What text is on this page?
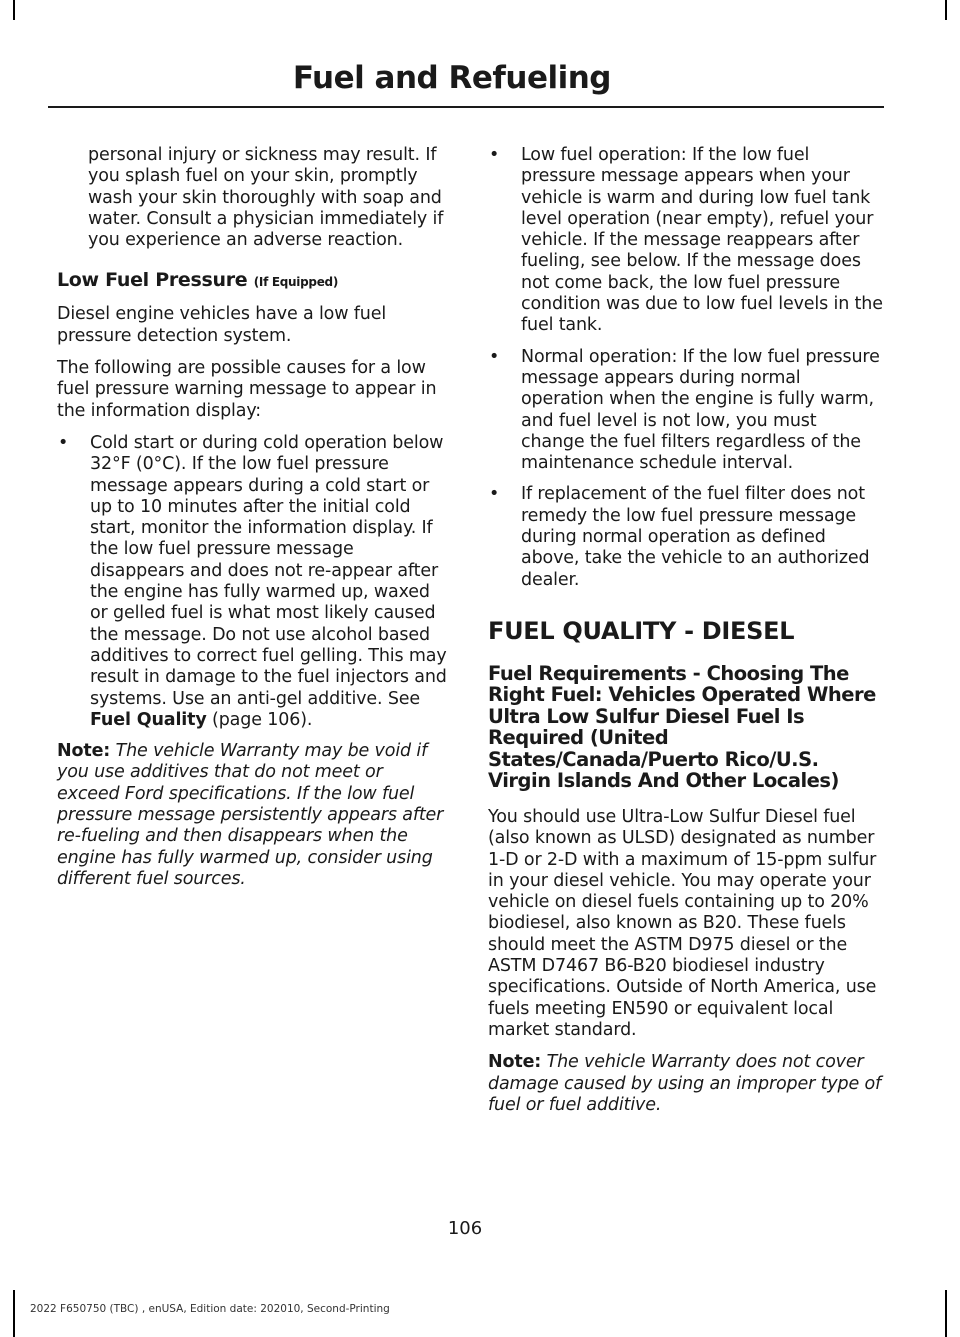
Fuel and Refueling

personal injury or sickness may result. If you splash fuel on your skin, promptly wash your skin thoroughly with soap and water. Consult a physician immediately if you experience an adverse reaction.

Low Fuel Pressure (If Equipped)

Diesel engine vehicles have a low fuel pressure detection system.

The following are possible causes for a low fuel pressure warning message to appear in the information display:

• Cold start or during cold operation below 32°F (0°C). If the low fuel pressure message appears during a cold start or up to 10 minutes after the initial cold start, monitor the information display. If the low fuel pressure message disappears and does not re-appear after the engine has fully warmed up, waxed or gelled fuel is what most likely caused the message. Do not use alcohol based additives to correct fuel gelling. This may result in damage to the fuel injectors and systems. Use an anti-gel additive. See Fuel Quality (page 106).

Note: The vehicle Warranty may be void if you use additives that do not meet or exceed Ford specifications. If the low fuel pressure message persistently appears after re-fueling and then disappears when the engine has fully warmed up, consider using different fuel sources.

• Low fuel operation: If the low fuel pressure message appears when your vehicle is warm and during low fuel tank level operation (near empty), refuel your vehicle. If the message reappears after fueling, see below. If the message does not come back, the low fuel pressure condition was due to low fuel levels in the fuel tank.
• Normal operation: If the low fuel pressure message appears during normal operation when the engine is fully warm, and fuel level is not low, you must change the fuel filters regardless of the maintenance schedule interval.
• If replacement of the fuel filter does not remedy the low fuel pressure message during normal operation as defined above, take the vehicle to an authorized dealer.
FUEL QUALITY - DIESEL
Fuel Requirements - Choosing The Right Fuel: Vehicles Operated Where Ultra Low Sulfur Diesel Fuel Is Required (United States/Canada/Puerto Rico/U.S. Virgin Islands And Other Locales)

You should use Ultra-Low Sulfur Diesel fuel (also known as ULSD) designated as number 1-D or 2-D with a maximum of 15-ppm sulfur in your diesel vehicle. You may operate your vehicle on diesel fuels containing up to 20% biodiesel, also known as B20. These fuels should meet the ASTM D975 diesel or the ASTM D7467 B6-B20 biodiesel industry specifications. Outside of North America, use fuels meeting EN590 or equivalent local market standard.

Note: The vehicle Warranty does not cover damage caused by using an improper type of fuel or fuel additive.

106
2022 F650750 (TBC) , enUSA, Edition date: 202010, Second-Printing
